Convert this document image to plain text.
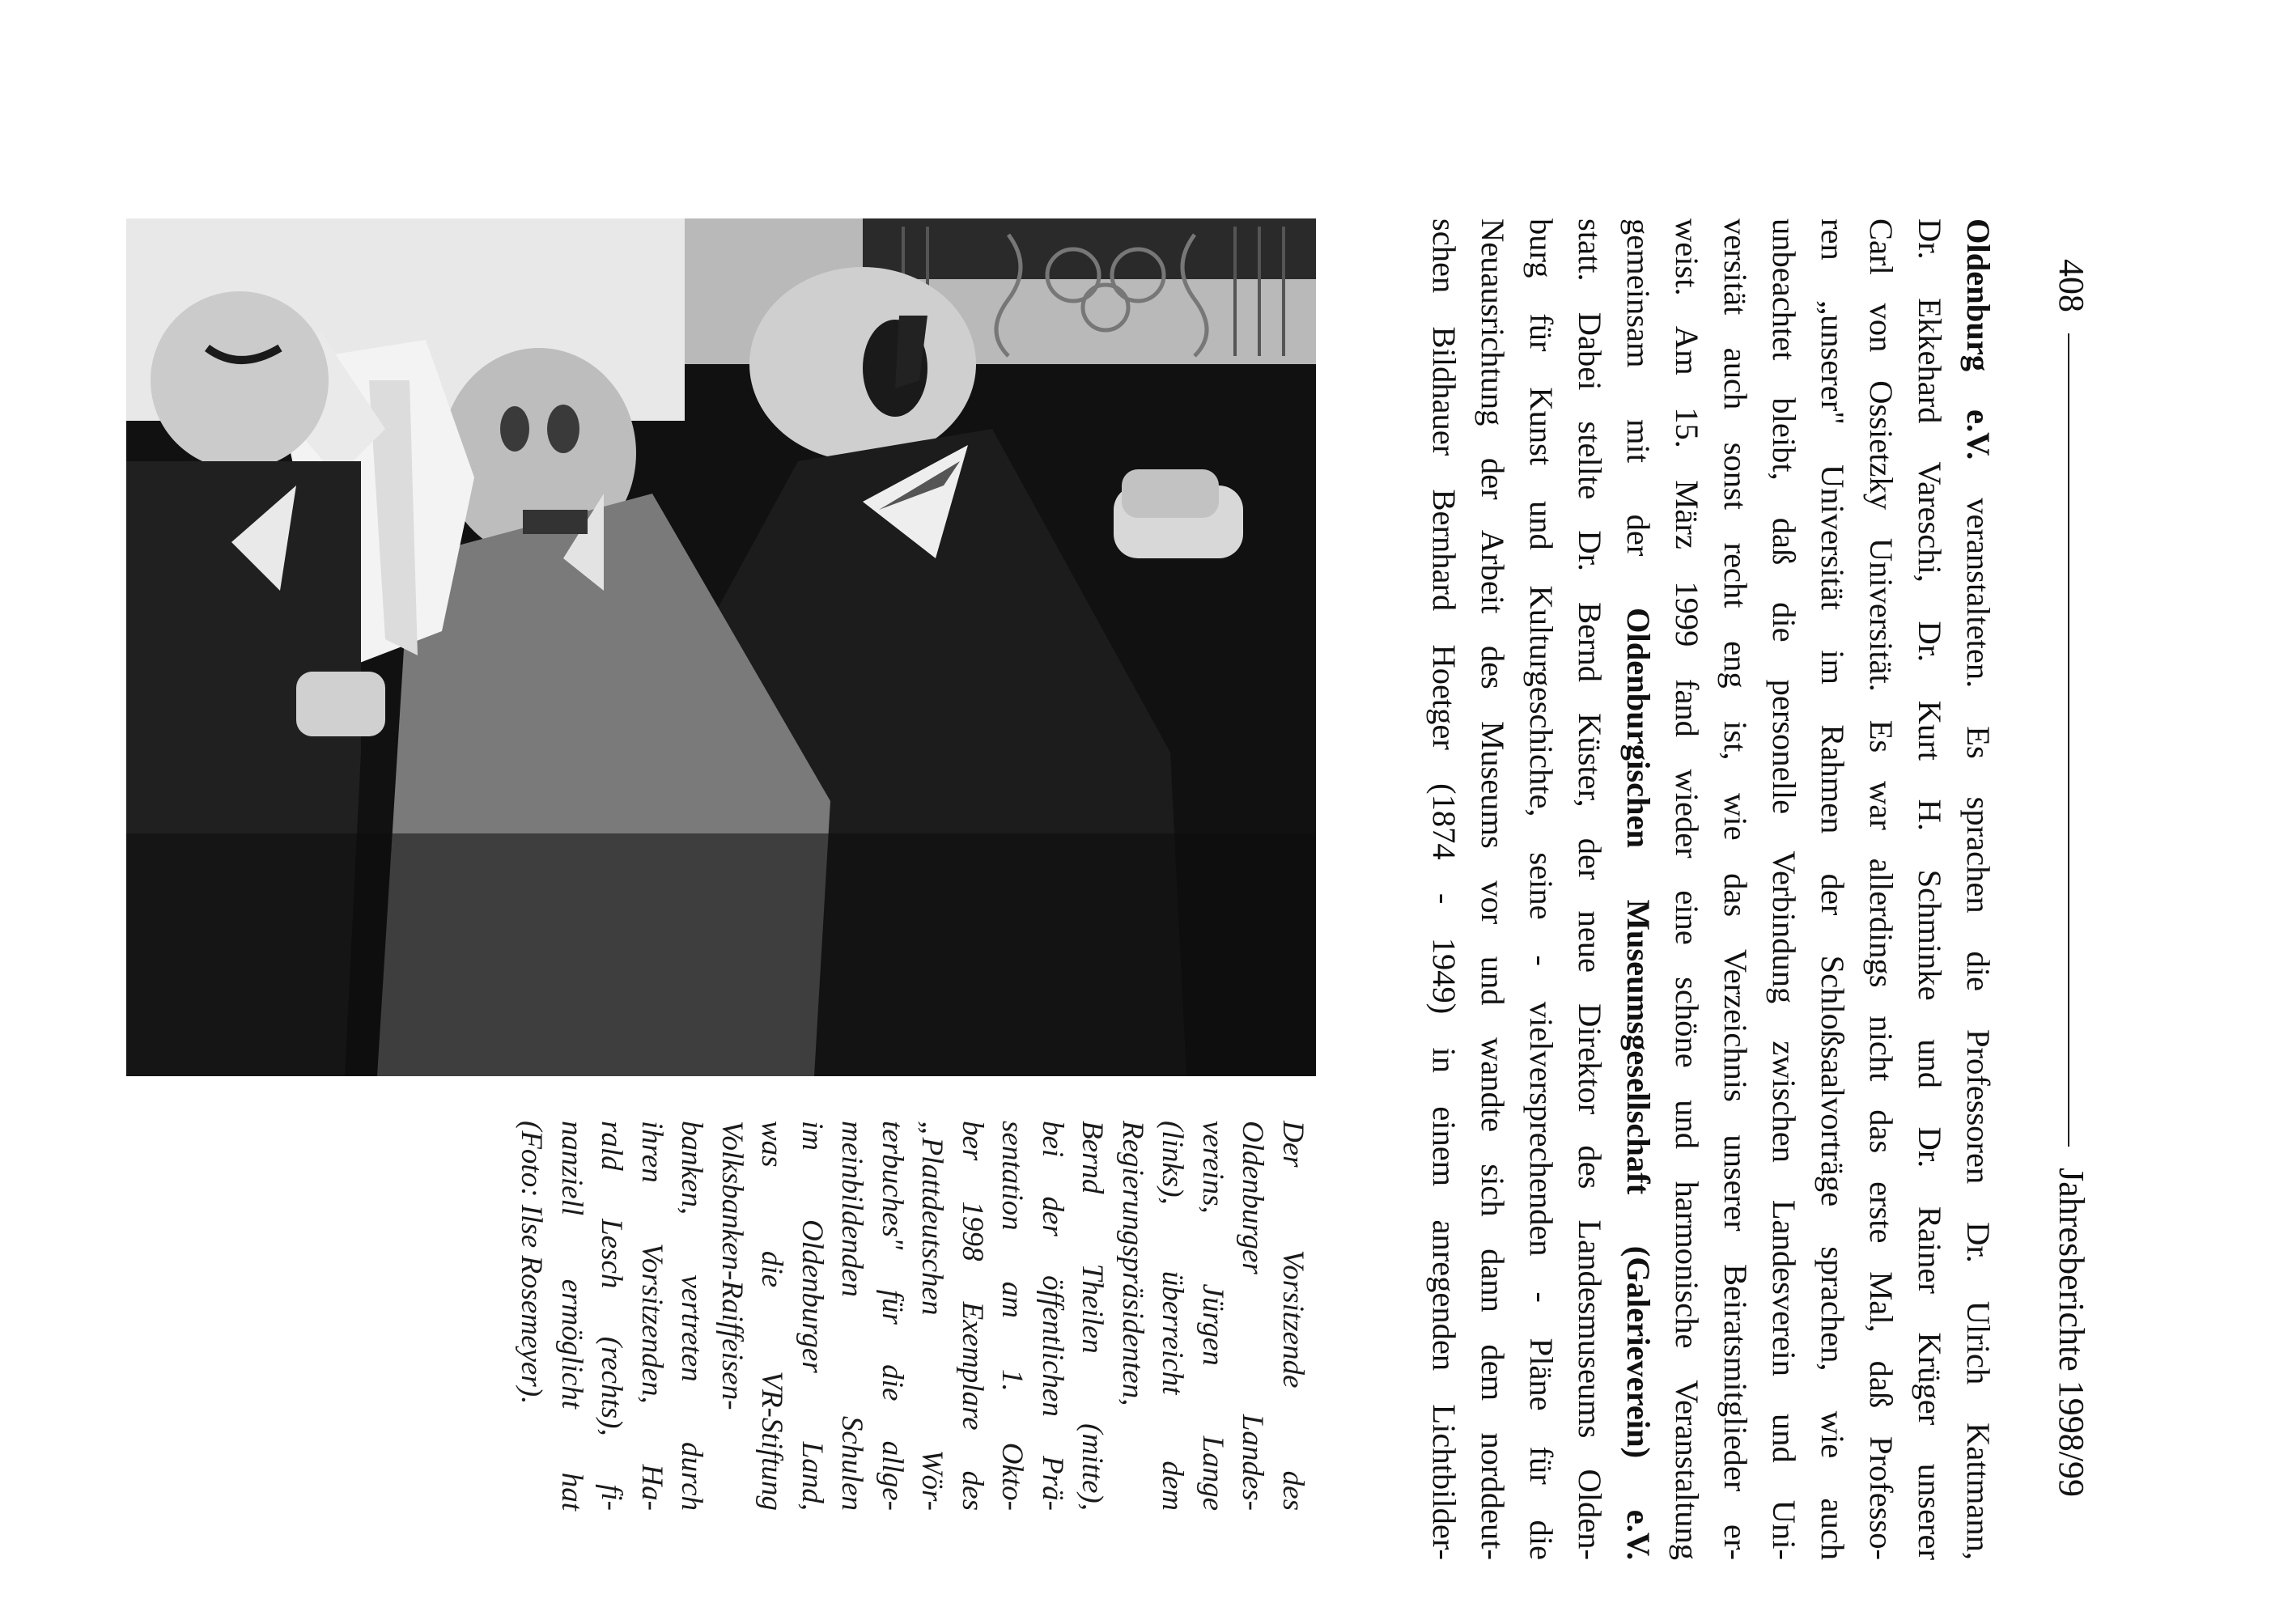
408
Jahresberichte 1998/99
Oldenburg e.V. veranstalteten. Es sprachen die Professoren Dr. Ulrich Kattmann,
Dr. Ekkehard Vareschi, Dr. Kurt H. Schminke und Dr. Rainer Krüger unserer
Carl von Ossietzky Universität. Es war allerdings nicht das erste Mal, daß Professo-
ren „unserer" Universität im Rahmen der Schloßsaalvorträge sprachen, wie auch
unbeachtet bleibt, daß die personelle Verbindung zwischen Landesverein und Uni-
versität auch sonst recht eng ist, wie das Verzeichnis unserer Beiratsmitglieder er-
weist. Am 15. März 1999 fand wieder eine schöne und harmonische Veranstaltung
gemeinsam mit der Oldenburgischen Museumsgesellschaft (Galerieverein) e.V.
statt. Dabei stellte Dr. Bernd Küster, der neue Direktor des Landesmuseums Olden-
burg für Kunst und Kulturgeschichte, seine - vielversprechenden - Pläne für die
Neuausrichtung der Arbeit des Museums vor und wandte sich dann dem norddeut-
schen Bildhauer Bernhard Hoetger (1874 - 1949) in einem anregenden Lichtbilder-
Der Vorsitzende des
Oldenburger Landes-
vereins, Jürgen Lange
(links), überreicht dem
Regierungspräsidenten,
Bernd Theilen (mitte),
bei der öffentlichen Prä-
sentation am 1. Okto-
ber 1998 Exemplare des
„Plattdeutschen Wör-
terbuches" für die allge-
meinbildenden Schulen
im Oldenburger Land,
was die VR-Stiftung
Volksbanken-Raiffeisen-
banken, vertreten durch
ihren Vorsitzenden, Ha-
rald Lesch (rechts), fi-
nanziell ermöglicht hat
(Foto: Ilse Rosemeyer).
